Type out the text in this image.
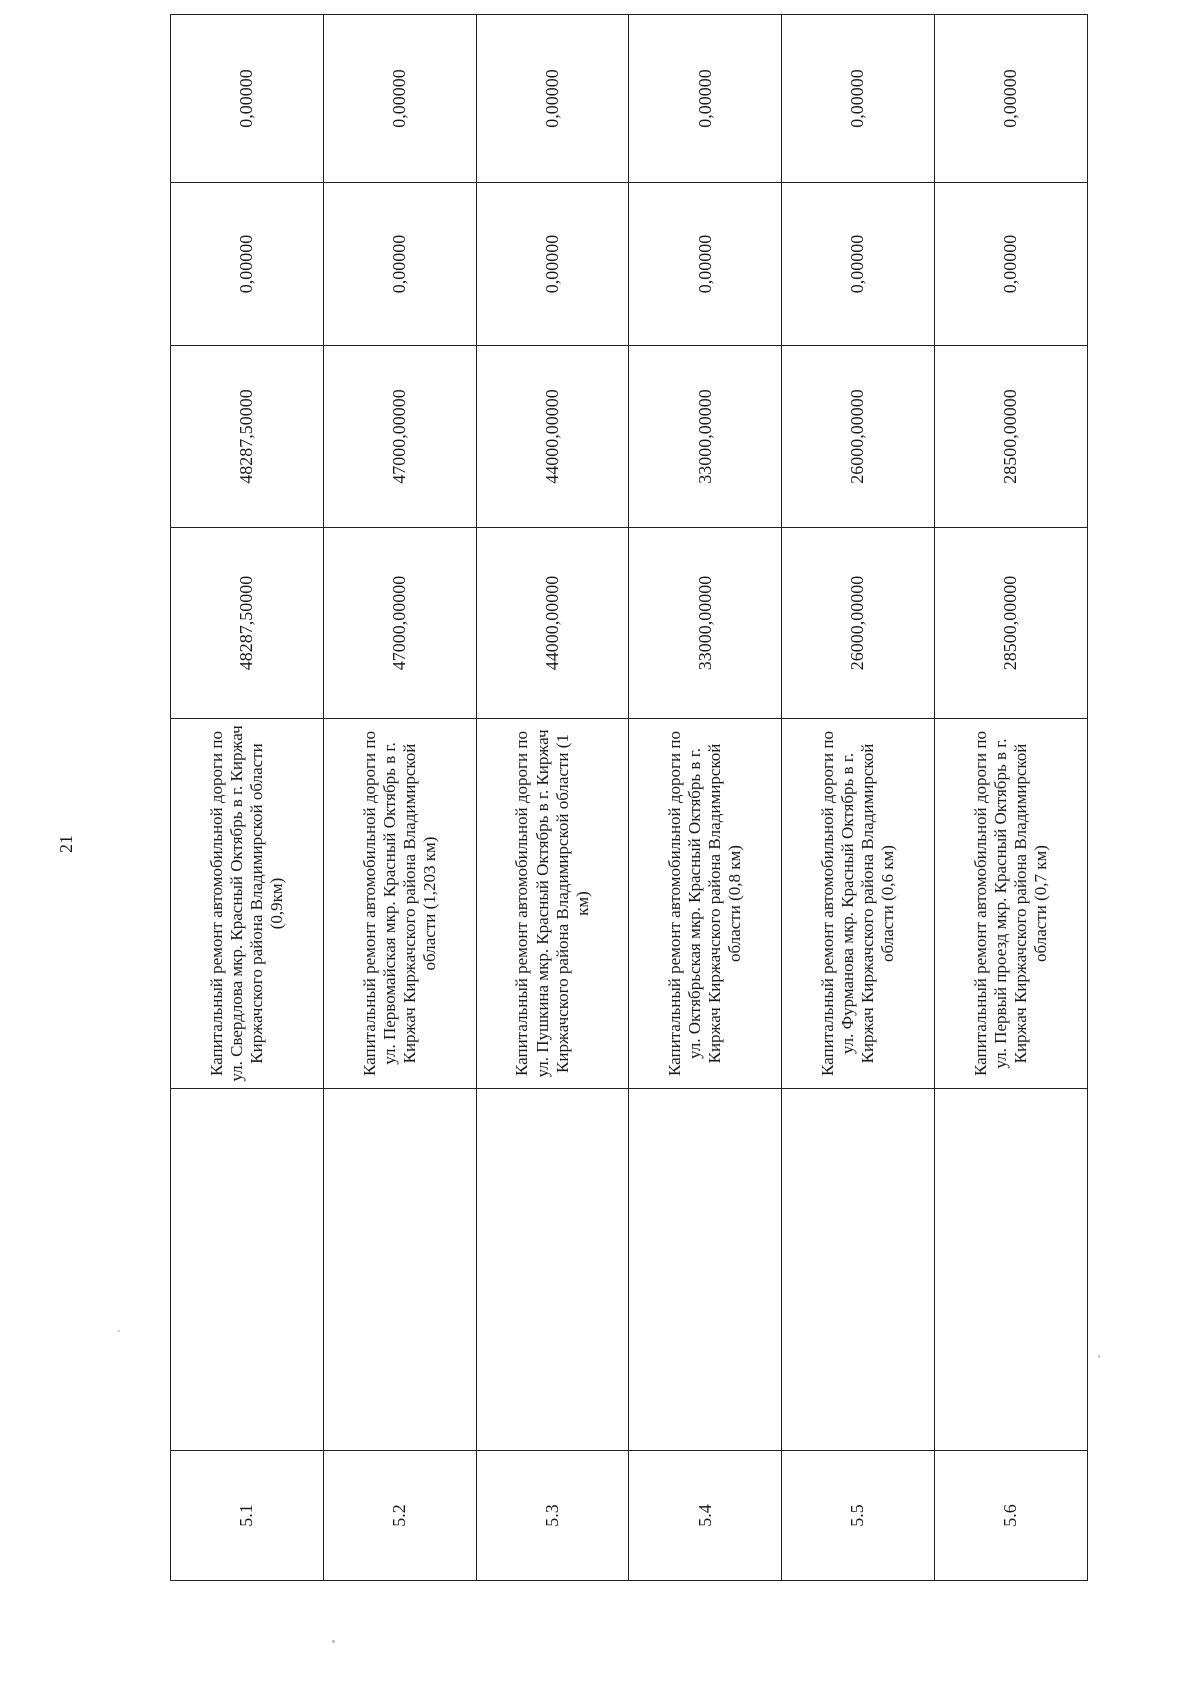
21
5.1		Капитальный ремонт автомобильной дороги по ул. Свердлова мкр. Красный Октябрь в г. Киржач Киржачского района Владимирской области (0,9км)	48287,50000	48287,50000	0,00000	0,00000
5.2		Капитальный ремонт автомобильной дороги по ул. Первомайская мкр. Красный Октябрь в г. Киржач Киржачского района Владимирской области (1,203 км)	47000,00000	47000,00000	0,00000	0,00000
5.3		Капитальный ремонт автомобильной дороги по ул. Пушкина мкр. Красный Октябрь в г. Киржач Киржачского района Владимирской области (1 км)	44000,00000	44000,00000	0,00000	0,00000
5.4		Капитальный ремонт автомобильной дороги по ул. Октябрьская мкр. Красный Октябрь в г. Киржач Киржачского района Владимирской области (0,8 км)	33000,00000	33000,00000	0,00000	0,00000
5.5		Капитальный ремонт автомобильной дороги по ул. Фурманова мкр. Красный Октябрь в г. Киржач Киржачского района Владимирской области (0,6 км)	26000,00000	26000,00000	0,00000	0,00000
5.6		Капитальный ремонт автомобильной дороги по ул. Первый проезд мкр. Красный Октябрь в г. Киржач Киржачского района Владимирской области (0,7 км)	28500,00000	28500,00000	0,00000	0,00000
